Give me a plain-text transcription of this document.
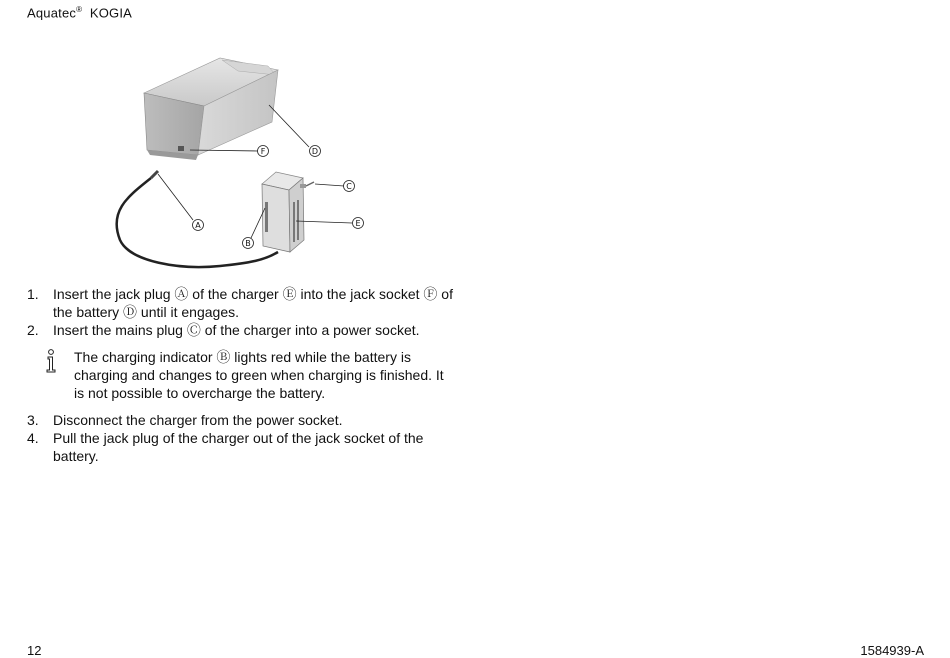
Aquatec® KOGIA
F	D
C
A	E
B
1.	Insert the jack plug Ⓐ of the charger Ⓔ into the jack socket Ⓕ of the battery Ⓓ until it engages.
2.	Insert the mains plug Ⓒ of the charger into a power socket.
The charging indicator Ⓑ lights red while the battery is charging and changes to green when charging is finished. It is not possible to overcharge the battery.
3.	Disconnect the charger from the power socket.
4.	Pull the jack plug of the charger out of the jack socket of the battery.
12	1584939-A
